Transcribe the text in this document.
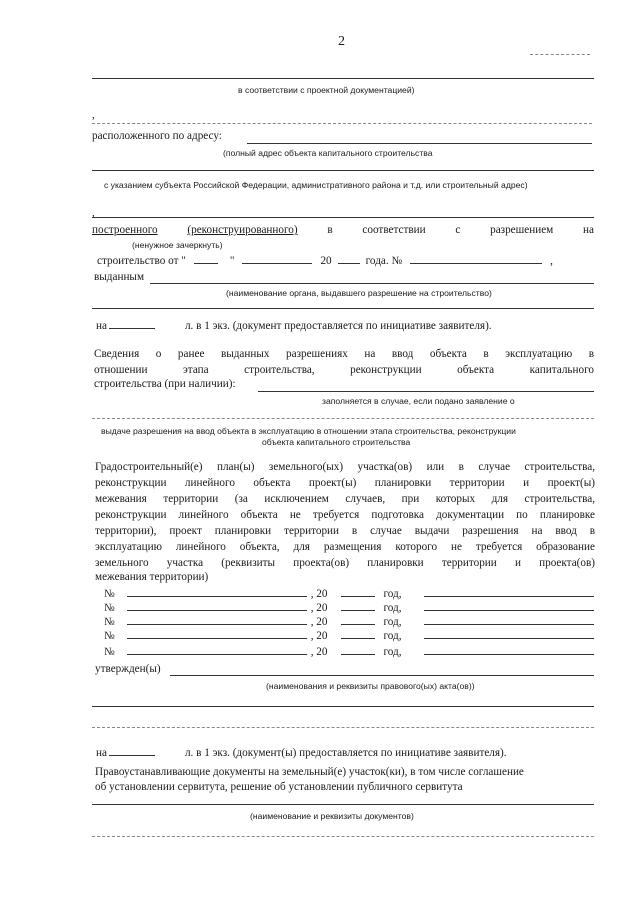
2
в соответствии с проектной документацией)
,
расположенного по адресу:
(полный адрес объекта капитального строительства
с указанием субъекта Российской Федерации, административного района и т.д. или строительный адрес)
,
построенного	(реконструированного)	в	соответствии	с	разрешением	на
(ненужное зачеркнуть)
строительство от "	"	20	года. №	,
выданным
(наименование органа, выдавшего разрешение на строительство)
на	л. в 1 экз. (документ предоставляется по инициативе заявителя).
Сведения о ранее выданных разрешениях на ввод объекта в эксплуатацию в
отношении этапа строительства, реконструкции объекта капитального
строительства (при наличии):
заполняется в случае, если подано заявление о
выдаче разрешения на ввод объекта в эксплуатацию в отношении этапа строительства, реконструкции
объекта капитального строительства
Градостроительный(е) план(ы) земельного(ых) участка(ов) или в случае строительства,
реконструкции линейного объекта проект(ы) планировки территории и проект(ы)
межевания территории (за исключением случаев, при которых для строительства,
реконструкции линейного объекта не требуется подготовка документации по планировке
территории), проект планировки территории в случае выдачи разрешения на ввод в
эксплуатацию линейного объекта, для размещения которого не требуется образование
земельного участка (реквизиты проекта(ов) планировки территории и проекта(ов)
межевания территории)
№	, 20	год,
№	, 20	год,
№	, 20	год,
№	, 20	год,
№	, 20	год,
утвержден(ы)
(наименования и реквизиты правового(ых) акта(ов))
на	л. в 1 экз. (документ(ы) предоставляется по инициативе заявителя).
Правоустанавливающие документы на земельный(е) участок(ки), в том числе соглашение
об установлении сервитута, решение об установлении публичного сервитута
(наименование и реквизиты документов)
